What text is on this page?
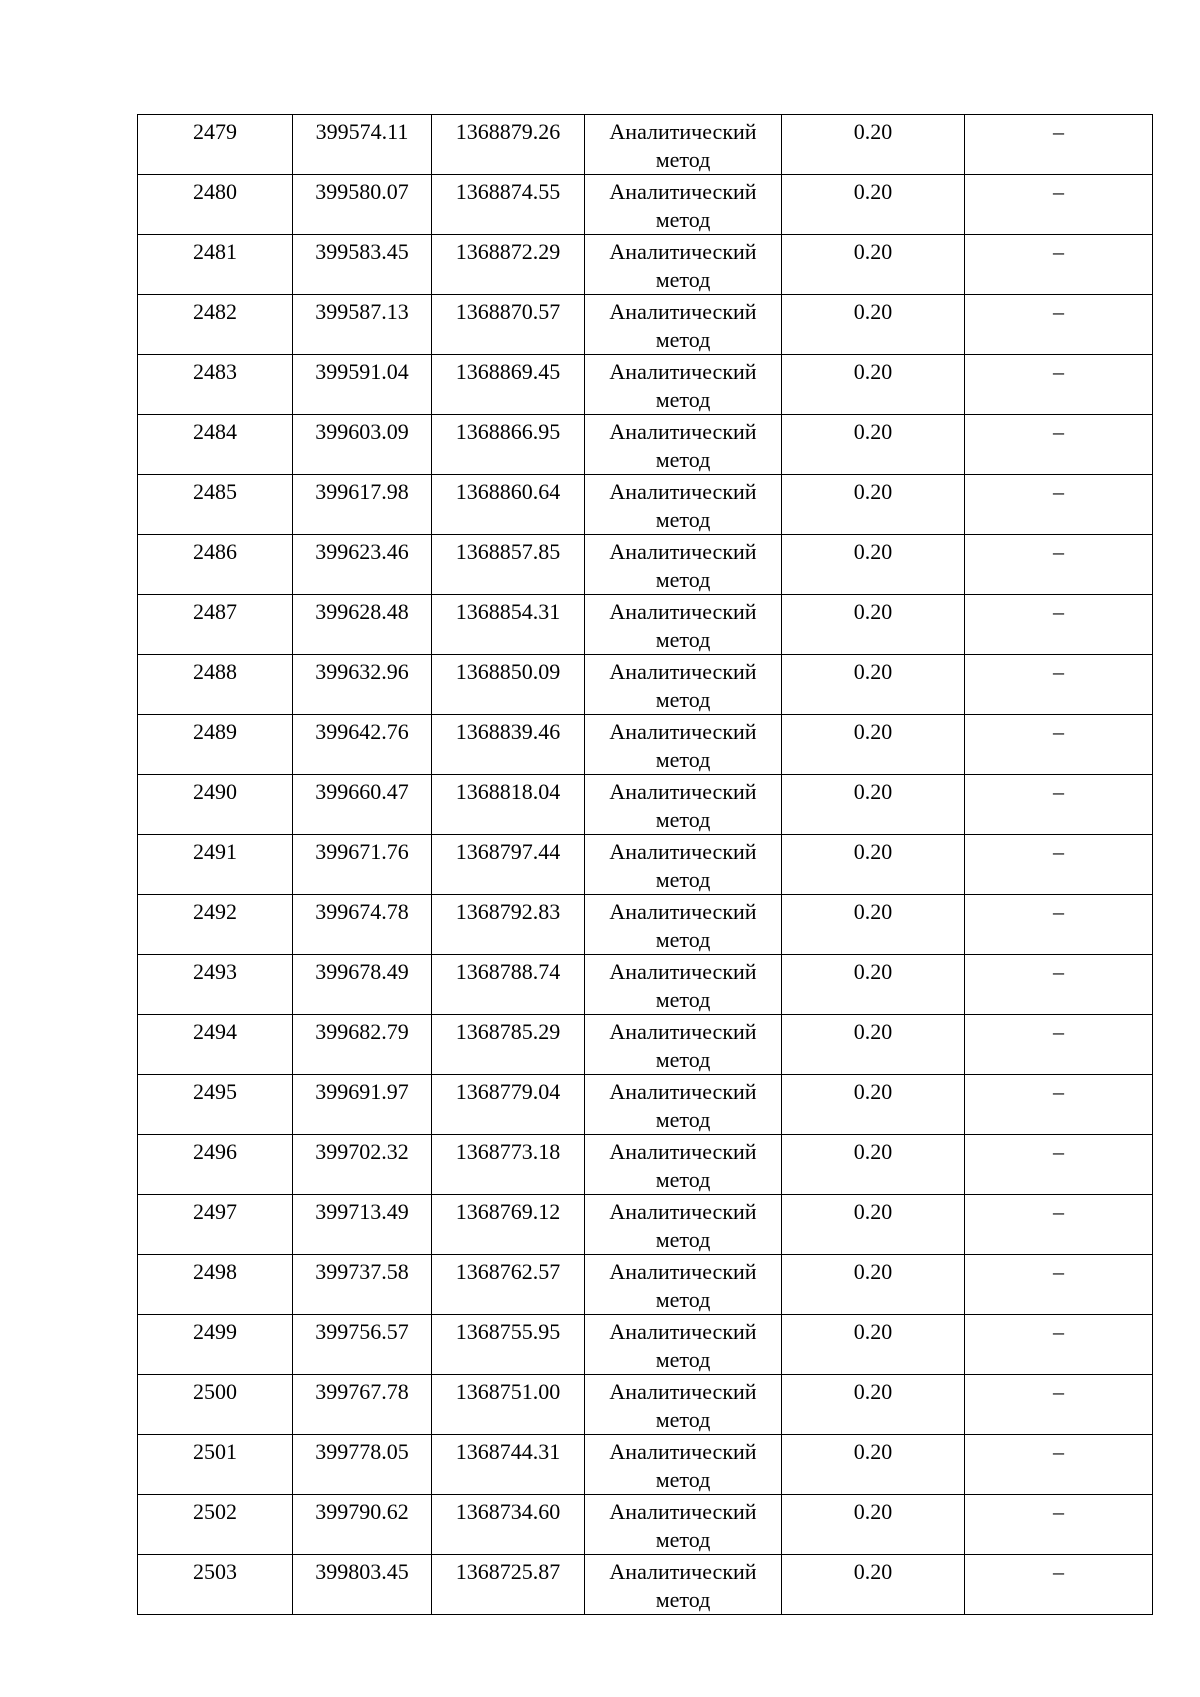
2479	399574.11	1368879.26	Аналитический
метод	0.20	–

2480	399580.07	1368874.55	Аналитический
метод	0.20	–

2481	399583.45	1368872.29	Аналитический
метод	0.20	–

2482	399587.13	1368870.57	Аналитический
метод	0.20	–

2483	399591.04	1368869.45	Аналитический
метод	0.20	–

2484	399603.09	1368866.95	Аналитический
метод	0.20	–

2485	399617.98	1368860.64	Аналитический
метод	0.20	–

2486	399623.46	1368857.85	Аналитический
метод	0.20	–

2487	399628.48	1368854.31	Аналитический
метод	0.20	–

2488	399632.96	1368850.09	Аналитический
метод	0.20	–

2489	399642.76	1368839.46	Аналитический
метод	0.20	–

2490	399660.47	1368818.04	Аналитический
метод	0.20	–

2491	399671.76	1368797.44	Аналитический
метод	0.20	–

2492	399674.78	1368792.83	Аналитический
метод	0.20	–

2493	399678.49	1368788.74	Аналитический
метод	0.20	–

2494	399682.79	1368785.29	Аналитический
метод	0.20	–

2495	399691.97	1368779.04	Аналитический
метод	0.20	–

2496	399702.32	1368773.18	Аналитический
метод	0.20	–

2497	399713.49	1368769.12	Аналитический
метод	0.20	–

2498	399737.58	1368762.57	Аналитический
метод	0.20	–

2499	399756.57	1368755.95	Аналитический
метод	0.20	–

2500	399767.78	1368751.00	Аналитический
метод	0.20	–

2501	399778.05	1368744.31	Аналитический
метод	0.20	–

2502	399790.62	1368734.60	Аналитический
метод	0.20	–

2503	399803.45	1368725.87	Аналитический
метод	0.20	–
